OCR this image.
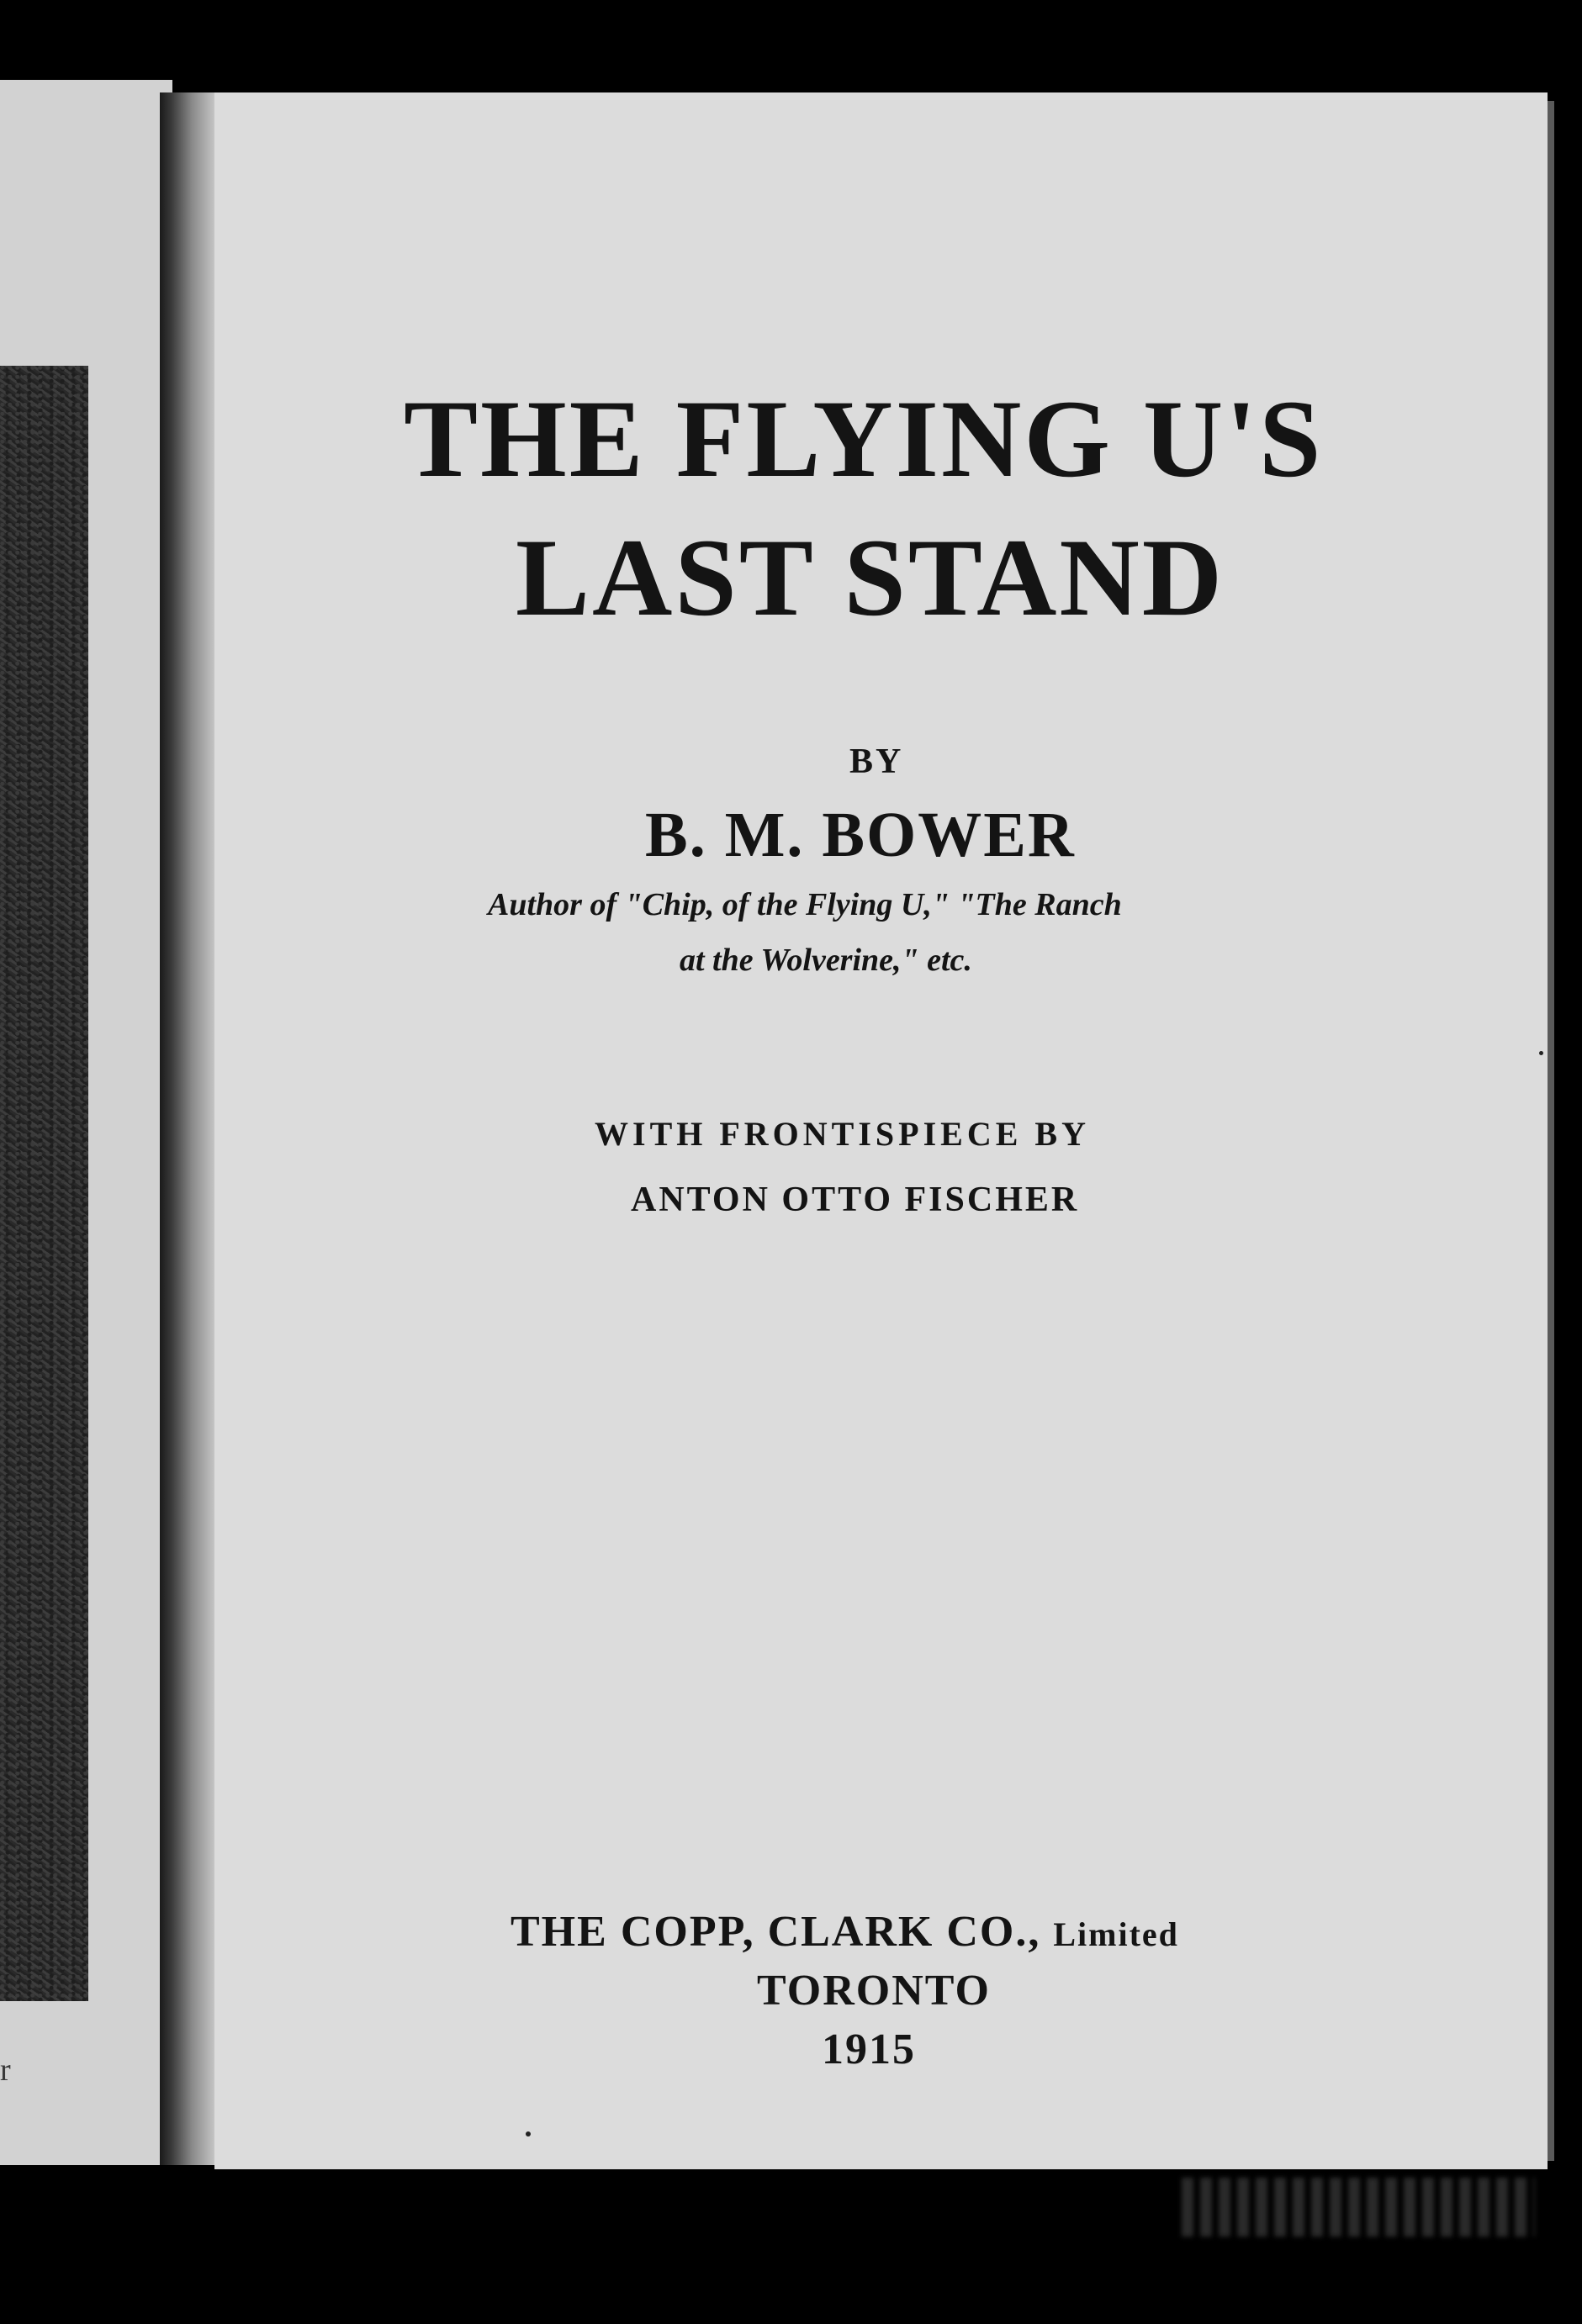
r
THE FLYING U'S
LAST STAND
BY
B. M. BOWER
Author of "Chip, of the Flying U," "The Ranch
at the Wolverine," etc.
WITH FRONTISPIECE BY
ANTON OTTO FISCHER
THE COPP, CLARK CO., Limited
TORONTO
1915
